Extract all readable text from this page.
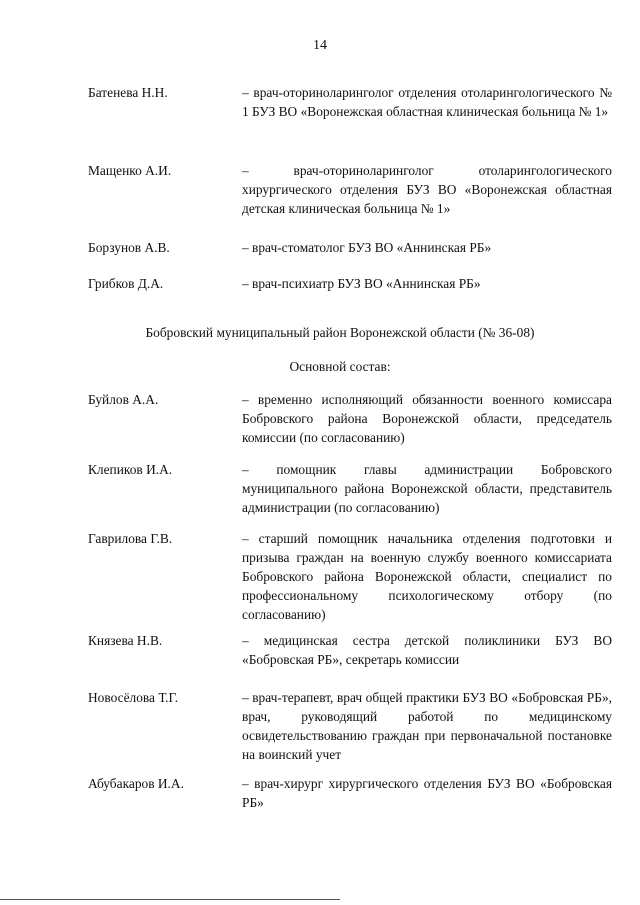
14
Батенева Н.Н.	– врач-оториноларинголог отделения отоларингологического № 1 БУЗ ВО «Воронежская областная клиническая больница № 1»
Мащенко А.И.	– врач-оториноларинголог отоларингологического хирургического отделения БУЗ ВО «Воронежская областная детская клиническая больница № 1»
Борзунов А.В.	– врач-стоматолог БУЗ ВО «Аннинская РБ»
Грибков Д.А.	– врач-психиатр БУЗ ВО «Аннинская РБ»
Бобровский муниципальный район Воронежской области (№ 36-08)
Основной состав:
Буйлов А.А.	– временно исполняющий обязанности военного комиссара Бобровского района Воронежской области, председатель комиссии (по согласованию)
Клепиков И.А.	– помощник главы администрации Бобровского муниципального района Воронежской области, представитель администрации (по согласованию)
Гаврилова Г.В.	– старший помощник начальника отделения подготовки и призыва граждан на военную службу военного комиссариата Бобровского района Воронежской области, специалист по профессиональному психологическому отбору (по согласованию)
Князева Н.В.	– медицинская сестра детской поликлиники БУЗ ВО «Бобровская РБ», секретарь комиссии
Новосёлова Т.Г.	– врач-терапевт, врач общей практики БУЗ ВО «Бобровская РБ», врач, руководящий работой по медицинскому освидетельствованию граждан при первоначальной постановке на воинский учет
Абубакаров И.А.	– врач-хирург хирургического отделения БУЗ ВО «Бобровская РБ»
